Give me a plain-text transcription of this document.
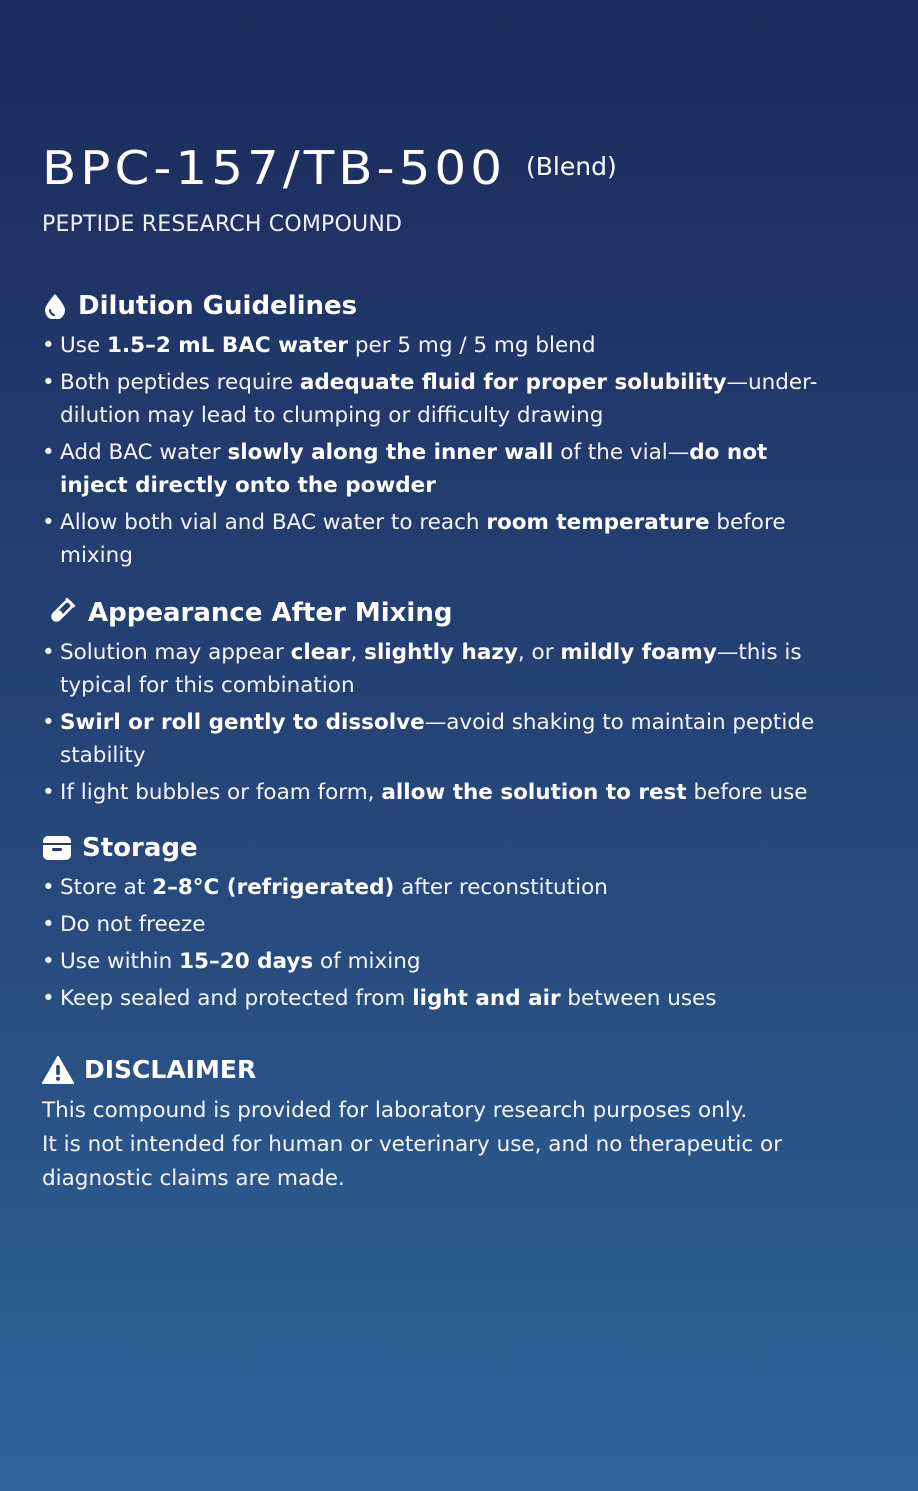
BPC-157/TB-500 (Blend)
PEPTIDE RESEARCH COMPOUND
Dilution Guidelines
• Use 1.5–2 mL BAC water per 5 mg / 5 mg blend
• Both peptides require adequate fluid for proper solubility—under-dilution may lead to clumping or difficulty drawing
• Add BAC water slowly along the inner wall of the vial—do not inject directly onto the powder
• Allow both vial and BAC water to reach room temperature before mixing
Appearance After Mixing
• Solution may appear clear, slightly hazy, or mildly foamy—this is typical for this combination
• Swirl or roll gently to dissolve—avoid shaking to maintain peptide stability
• If light bubbles or foam form, allow the solution to rest before use
Storage
• Store at 2–8°C (refrigerated) after reconstitution
• Do not freeze
• Use within 15–20 days of mixing
• Keep sealed and protected from light and air between uses
DISCLAIMER

This compound is provided for laboratory research purposes only.

It is not intended for human or veterinary use, and no therapeutic or diagnostic claims are made.
